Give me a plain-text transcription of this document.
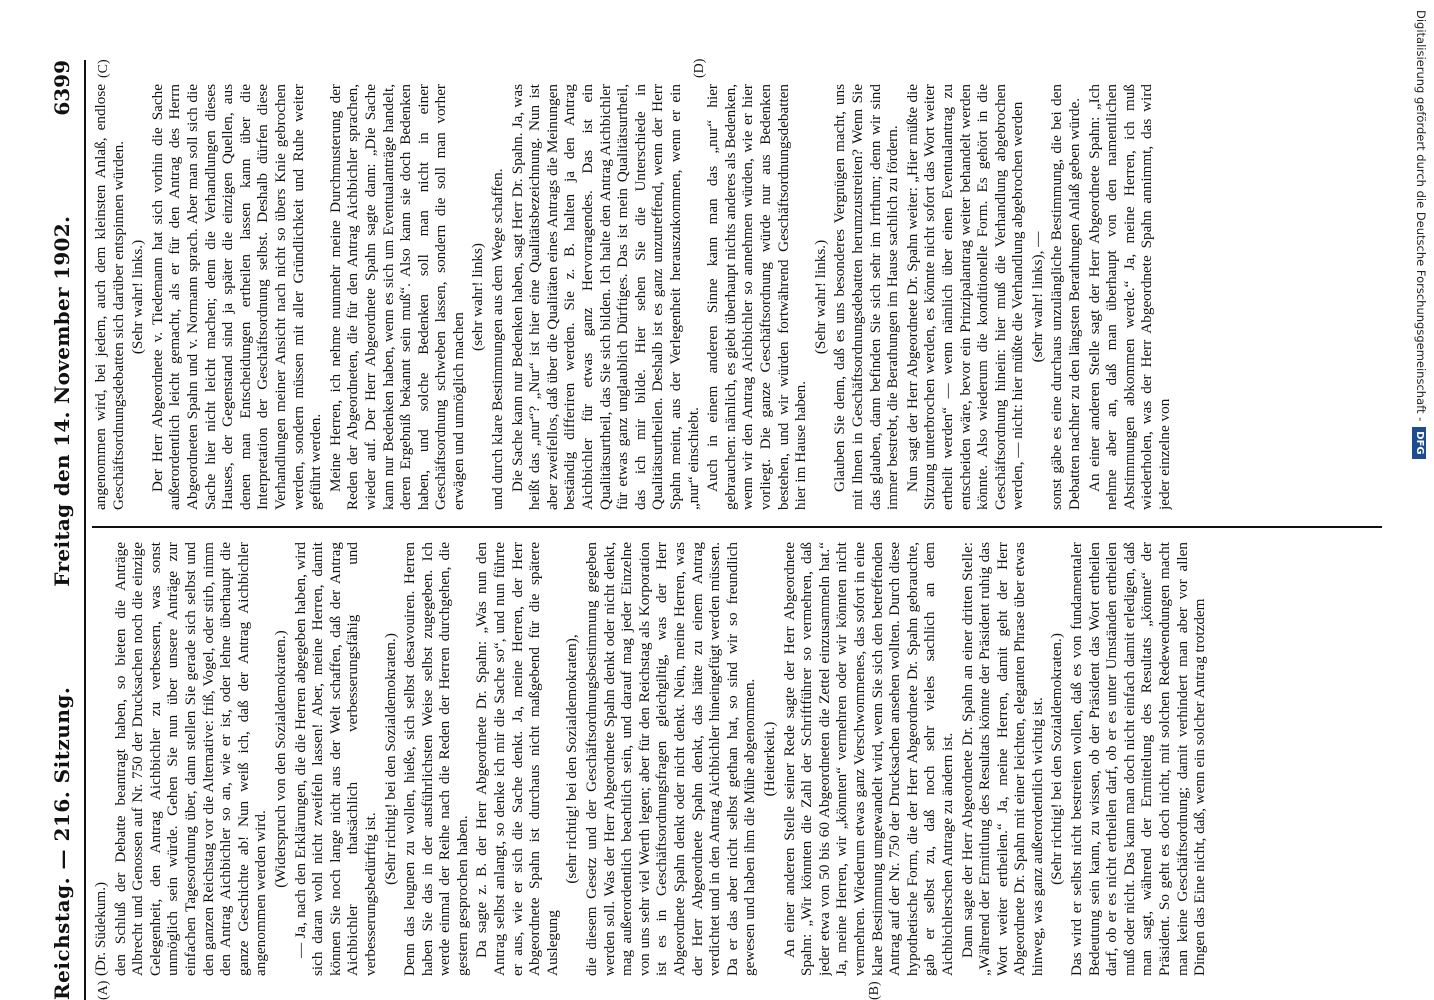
Reichstag. — 216. Sitzung.
Freitag den 14. November 1902.
6399
(A)	(B)
(C)	(D)

(Dr. Südekum.) den Schluß der Debatte beantragt haben, so bieten die Anträge Albrecht und Genossen auf Nr. 750 der Drucksachen noch die einzige Gelegenheit, den Antrag Aichbichler zu verbessern, was sonst unmöglich sein würde. Gehen Sie nun über unsere Anträge zur einfachen Tagesordnung über, dann stellen Sie gerade sich selbst und den ganzen Reichstag vor die Alternative: friß, Vogel, oder stirb, nimm den Antrag Aichbichler so an, wie er ist, oder lehne überhaupt die ganze Geschichte ab! Nun weiß ich, daß der Antrag Aichbichler angenommen werden wird.

(Widerspruch von den Sozialdemokraten.) — Ja, nach den Erklärungen, die die Herren abgegeben haben, wird sich daran wohl nicht zweifeln lassen! Aber, meine Herren, damit können Sie noch lange nicht aus der Welt schaffen, daß der Antrag Aichbichler thatsächlich verbesserungsfähig und verbesserungsbedürftig ist.

(Sehr richtig! bei den Sozialdemokraten.) Denn das leugnen zu wollen, hieße, sich selbst desavouiren. Herren haben Sie das in der ausführlichsten Weise selbst zugegeben. Ich werde einmal der Reihe nach die Reden der Herren durchgehen, die gestern gesprochen haben. Da sagte z. B. der Herr Abgeordnete Dr. Spahn: „Was nun den Antrag selbst anlangt, so denke ich mir die Sache so“, und nun führte er aus, wie er sich die Sache denkt. Ja, meine Herren, der Herr Abgeordnete Spahn ist durchaus nicht maßgebend für die spätere Auslegung

(sehr richtig! bei den Sozialdemokraten), die diesem Gesetz und der Geschäftsordnungsbestimmung gegeben werden soll. Was der Herr Abgeordnete Spahn denkt oder nicht denkt, mag außerordentlich beachtlich sein, und darauf mag jeder Einzelne von uns sehr viel Werth legen; aber für den Reichstag als Korporation ist es in Geschäftsordnungsfragen gleichgiltig, was der Herr Abgeordnete Spahn denkt oder nicht denkt. Nein, meine Herren, was der Herr Abgeordnete Spahn denkt, das hätte zu einem Antrag verdichtet und in den Antrag Aichbichler hineingefügt werden müssen. Da er das aber nicht selbst gethan hat, so sind wir so freundlich gewesen und haben ihm die Mühe abgenommen. (Heiterkeit.) An einer anderen Stelle seiner Rede sagte der Herr Abgeordnete Spahn: „Wir könnten die Zahl der Schriftführer so vermehren, daß jeder etwa von 50 bis 60 Abgeordneten die Zettel einzusammeln hat.“ Ja, meine Herren, wir „könnten“ vermehren oder wir könnten nicht vermehren. Wiederum etwas ganz Verschwommenes, das sofort in eine klare Bestimmung umgewandelt wird, wenn Sie sich den betreffenden Antrag auf der Nr. 750 der Drucksachen ansehen wollten. Durch diese hypothetische Form, die der Herr Abgeordnete Dr. Spahn gebrauchte, gab er selbst zu, daß noch sehr vieles sachlich an dem Aichbichlerschen Antrage zu ändern ist. Dann sagte der Herr Abgeordnete Dr. Spahn an einer dritten Stelle: „Während der Ermittlung des Resultats könnte der Präsident ruhig das Wort weiter ertheilen.“ Ja, meine Herren, damit geht der Herr Abgeordnete Dr. Spahn mit einer leichten, eleganten Phrase über etwas hinweg, was ganz außerordentlich wichtig ist. (Sehr richtig! bei den Sozialdemokraten.) Das wird er selbst nicht bestreiten wollen, daß es von fundamentaler Bedeutung sein kann, zu wissen, ob der Präsident das Wort ertheilen darf, ob er es nicht ertheilen darf, ob er es unter Umständen ertheilen muß oder nicht. Das kann man doch nicht einfach damit erledigen, daß man sagt, während der Ermittelung des Resultats „könnte“ der Präsident. So geht es doch nicht, mit solchen Redewendungen macht man keine Geschäftsordnung; damit verhindert man aber vor allen Dingen das Eine nicht, daß, wenn ein solcher Antrag trotzdem

angenommen wird, bei jedem, auch dem kleinsten Anlaß, endlose Geschäftsordnungsdebatten sich darüber entspinnen würden. (Sehr wahr! links.) Der Herr Abgeordnete v. Tiedemann hat sich vorhin die Sache außerordentlich leicht gemacht, als er für den Antrag des Herrn Abgeordneten Spahn und v. Normann sprach. Aber man soll sich die Sache hier nicht leicht machen; denn die Verhandlungen dieses Hauses, der Gegenstand sind ja später die einzigen Quellen, aus denen man Entscheidungen ertheilen lassen kann über die Interpretation der Geschäftsordnung selbst. Deshalb dürfen diese Verhandlungen meiner Ansicht nach nicht so übers Knie gebrochen werden, sondern müssen mit aller Gründlichkeit und Ruhe weiter geführt werden. Meine Herren, ich nehme nunmehr meine Durchmusterung der Reden der Abgeordneten, die für den Antrag Aichbichler sprachen, wieder auf. Der Herr Abgeordnete Spahn sagte dann: „Die Sache kann nur Bedenken haben, wenn es sich um Eventualanträge handelt, deren Ergebniß bekannt sein muß“. Also kann sie doch Bedenken haben, und solche Bedenken soll man nicht in einer Geschäftsordnung schweben lassen, sondern die soll man vorher erwägen und unmöglich machen

(sehr wahr! links) und durch klare Bestimmungen aus dem Wege schaffen. Die Sache kann nur Bedenken haben, sagt Herr Dr. Spahn. Ja, was heißt das „nur“? „Nur“ ist hier eine Qualitätsbezeichnung. Nun ist aber zweifellos, daß über die Qualitäten eines Antrags die Meinungen beständig differiren werden. Sie z. B. halten ja den Antrag Aichbichler für etwas ganz Hervorragendes. Das ist ein Qualitätsurtheil, das Sie sich bilden. Ich halte den Antrag Aichbichler für etwas ganz unglaublich Dürftiges. Das ist mein Qualitätsurtheil, das ich mir bilde. Hier sehen Sie die Unterschiede in Qualitätsurtheilen. Deshalb ist es ganz unzutreffend, wenn der Herr Spahn meint, aus der Verlegenheit herauszukommen, wenn er ein „nur“ einschiebt. Auch in einem anderen Sinne kann man das „nur“ hier gebrauchen: nämlich, es giebt überhaupt nichts anderes als Bedenken, wenn wir den Antrag Aichbichler so annehmen würden, wie er hier vorliegt. Die ganze Geschäftsordnung würde nur aus Bedenken bestehen, und wir würden fortwährend Geschäftsordnungsdebatten hier im Hause haben.

(Sehr wahr! links.) Glauben Sie denn, daß es uns besonderes Vergnügen macht, uns mit Ihnen in Geschäftsordnungsdebatten herumzustreiten? Wenn Sie das glauben, dann befinden Sie sich sehr im Irrthum; denn wir sind immer bestrebt, die Berathungen im Hause sachlich zu fördern. Nun sagt der Herr Abgeordnete Dr. Spahn weiter: „Hier müßte die Sitzung unterbrochen werden, es könnte nicht sofort das Wort weiter ertheilt werden“ — wenn nämlich über einen Eventualantrag zu entscheiden wäre, bevor ein Prinzipalantrag weiter behandelt werden könnte. Also wiederum die konditionelle Form. Es gehört in die Geschäftsordnung hinein: hier muß die Verhandlung abgebrochen werden, — nicht: hier müßte die Verhandlung abgebrochen werden (sehr wahr! links), — sonst gäbe es eine durchaus unzulängliche Bestimmung, die bei den Debatten nachher zu den längsten Berathungen Anlaß geben würde. An einer anderen Stelle sagt der Herr Abgeordnete Spahn: „Ich nehme aber an, daß man überhaupt von den namentlichen Abstimmungen abkommen werde.“ Ja, meine Herren, ich muß wiederholen, was der Herr Abgeordnete Spahn annimmt, das wird jeder einzelne von

Digitalisierung gefördert durch die Deutsche Forschungsgemeinschaft -DFG
